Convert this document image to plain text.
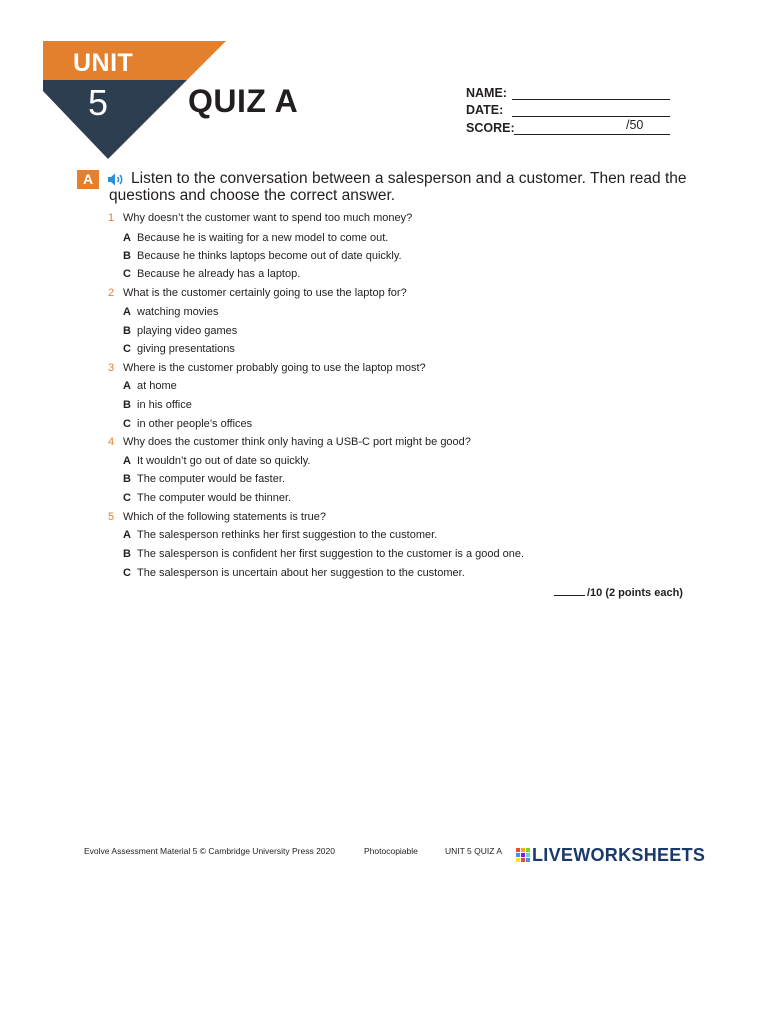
UNIT
5 QUIZ A	NAME:
DATE:
SCORE:	/50
A	Listen to the conversation between a salesperson and a customer. Then read the questions and choose the correct answer.
1 Why doesn’t the customer want to spend too much money?
A Because he is waiting for a new model to come out.
B Because he thinks laptops become out of date quickly.
C Because he already has a laptop.
2 What is the customer certainly going to use the laptop for?
A watching movies
B playing video games
C giving presentations
3 Where is the customer probably going to use the laptop most?
A at home
B in his office
C in other people’s offices
4 Why does the customer think only having a USB-C port might be good?
A It wouldn’t go out of date so quickly.
B The computer would be faster.
C The computer would be thinner.
5 Which of the following statements is true?
A The salesperson rethinks her first suggestion to the customer.
B The salesperson is confident her first suggestion to the customer is a good one.
C The salesperson is uncertain about her suggestion to the customer.
/10 (2 points each)
Evolve Assessment Material 5 © Cambridge University Press 2020	Photocopiable	UNIT 5 QUIZ A LIVEWORKSHEETS
